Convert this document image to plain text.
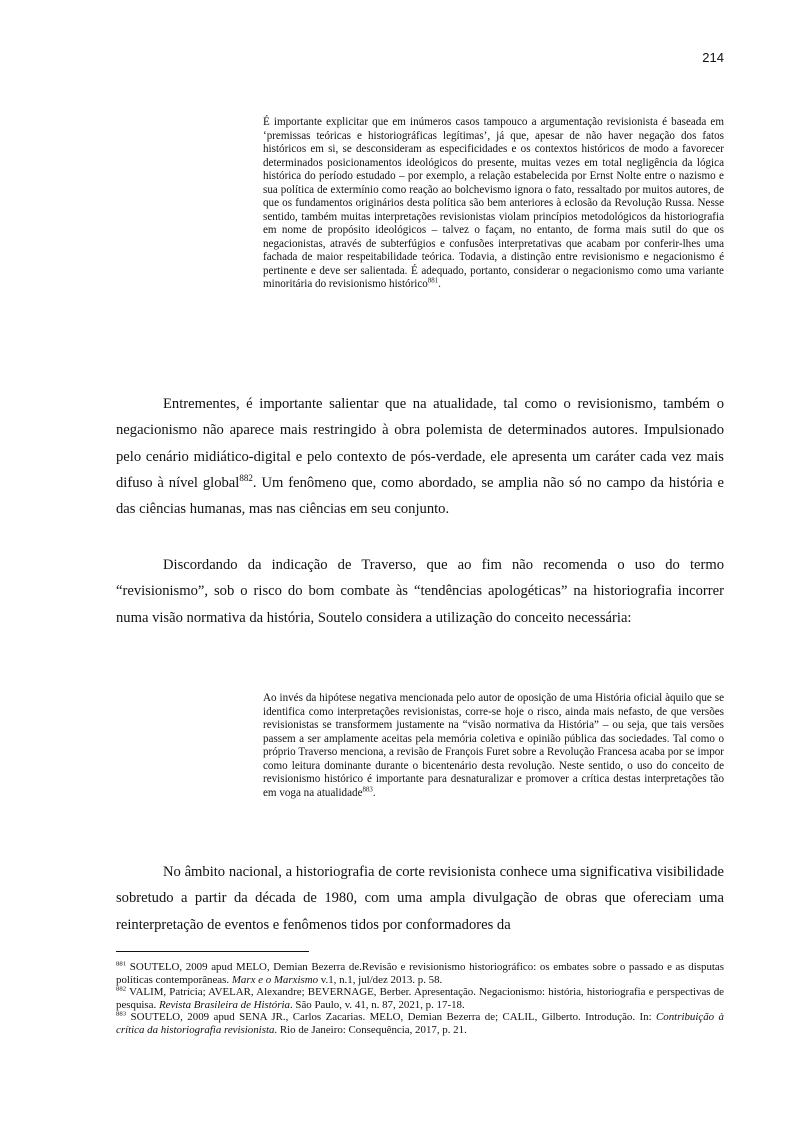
214

É importante explicitar que em inúmeros casos tampouco a argumentação revisionista é baseada em ‘premissas teóricas e historiográficas legítimas’, já que, apesar de não haver negação dos fatos históricos em si, se desconsideram as especificidades e os contextos históricos de modo a favorecer determinados posicionamentos ideológicos do presente, muitas vezes em total negligência da lógica histórica do período estudado – por exemplo, a relação estabelecida por Ernst Nolte entre o nazismo e sua política de extermínio como reação ao bolchevismo ignora o fato, ressaltado por muitos autores, de que os fundamentos originários desta política são bem anteriores à eclosão da Revolução Russa. Nesse sentido, também muitas interpretações revisionistas violam princípios metodológicos da historiografia em nome de propósito ideológicos – talvez o façam, no entanto, de forma mais sutil do que os negacionistas, através de subterfúgios e confusões interpretativas que acabam por conferir-lhes uma fachada de maior respeitabilidade teórica. Todavia, a distinção entre revisionismo e negacionismo é pertinente e deve ser salientada. É adequado, portanto, considerar o negacionismo como uma variante minoritária do revisionismo histórico$^{881}$.

Entrementes, é importante salientar que na atualidade, tal como o revisionismo, também o negacionismo não aparece mais restringido à obra polemista de determinados autores. Impulsionado pelo cenário midiático-digital e pelo contexto de pós-verdade, ele apresenta um caráter cada vez mais difuso à nível global$^{882}$. Um fenômeno que, como abordado, se amplia não só no campo da história e das ciências humanas, mas nas ciências em seu conjunto.

Discordando da indicação de Traverso, que ao fim não recomenda o uso do termo “revisionismo”, sob o risco do bom combate às “tendências apologéticas” na historiografia incorrer numa visão normativa da história, Soutelo considera a utilização do conceito necessária:

Ao invés da hipótese negativa mencionada pelo autor de oposição de uma História oficial àquilo que se identifica como interpretações revisionistas, corre-se hoje o risco, ainda mais nefasto, de que versões revisionistas se transformem justamente na “visão normativa da História” – ou seja, que tais versões passem a ser amplamente aceitas pela memória coletiva e opinião pública das sociedades. Tal como o próprio Traverso menciona, a revisão de François Furet sobre a Revolução Francesa acaba por se impor como leitura dominante durante o bicentenário desta revolução. Neste sentido, o uso do conceito de revisionismo histórico é importante para desnaturalizar e promover a crítica destas interpretações tão em voga na atualidade$^{883}$.

No âmbito nacional, a historiografia de corte revisionista conhece uma significativa visibilidade sobretudo a partir da década de 1980, com uma ampla divulgação de obras que ofereciam uma reinterpretação de eventos e fenômenos tidos por conformadores da

$^{881}$ SOUTELO, 2009 apud MELO, Demian Bezerra de.Revisão e revisionismo historiográfico: os embates sobre o passado e as disputas políticas contemporâneas. Marx e o Marxismo v.1, n.1, jul/dez 2013. p. 58.

$^{882}$ VALIM, Patrícia; AVELAR, Alexandre; BEVERNAGE, Berber. Apresentação. Negacionismo: história, historiografia e perspectivas de pesquisa. Revista Brasileira de História. São Paulo, v. 41, n. 87, 2021, p. 17-18.

$^{883}$ SOUTELO, 2009 apud SENA JR., Carlos Zacarias. MELO, Demian Bezerra de; CALIL, Gilberto. Introdução. In: Contribuição à crítica da historiografia revisionista. Rio de Janeiro: Consequência, 2017, p. 21.
